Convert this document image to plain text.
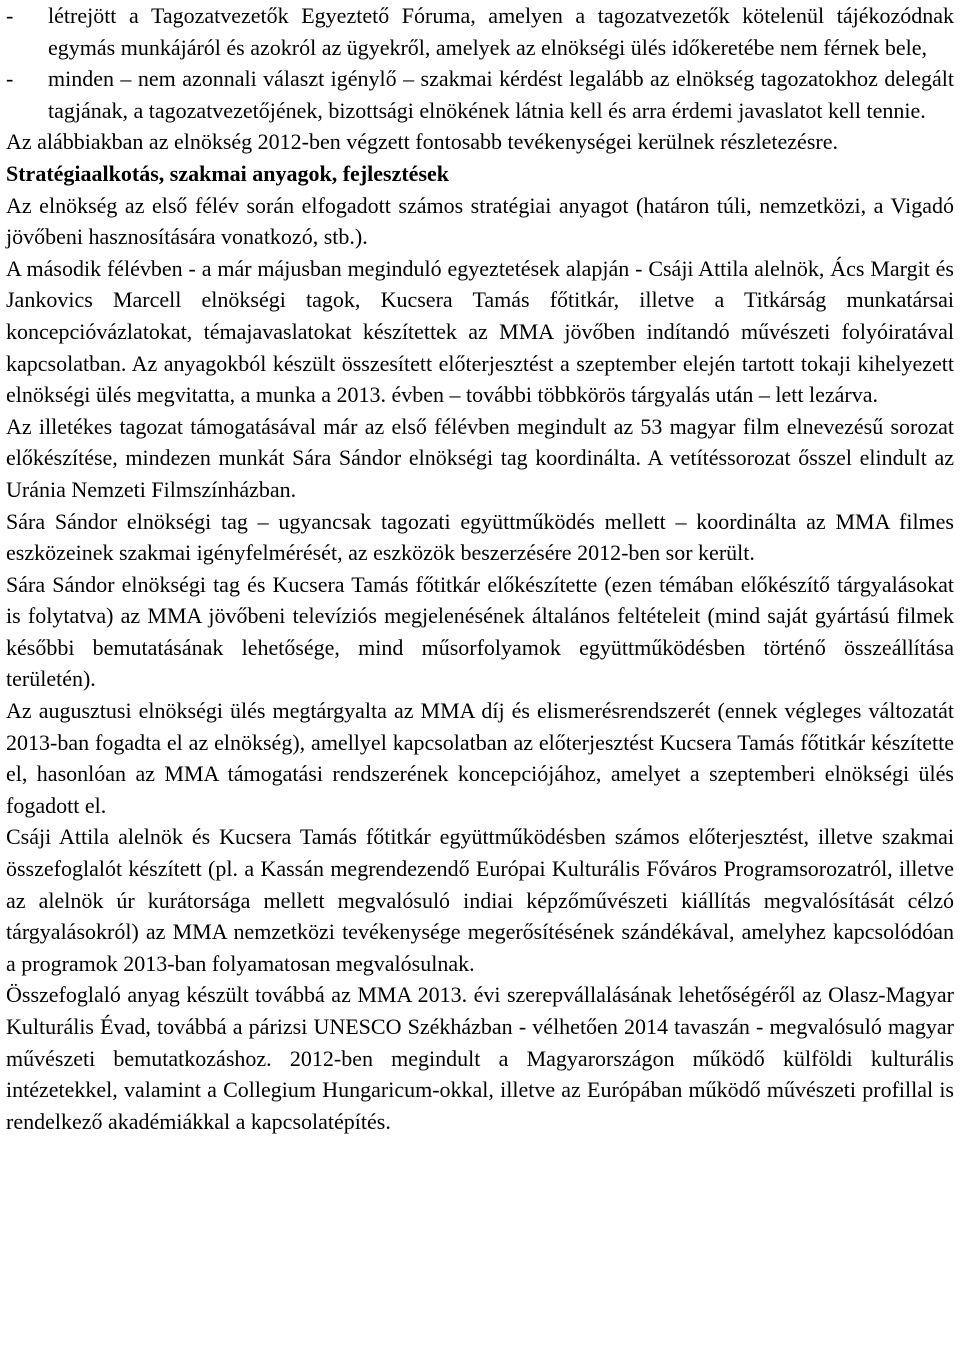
- létrejött a Tagozatvezetők Egyeztető Fóruma, amelyen a tagozatvezetők kötelenül tájékozódnak egymás munkájáról és azokról az ügyekről, amelyek az elnökségi ülés időkeretébe nem férnek bele,
- minden – nem azonnali választ igénylő – szakmai kérdést legalább az elnökség tagozatokhoz delegált tagjának, a tagozatvezetőjének, bizottsági elnökének látnia kell és arra érdemi javaslatot kell tennie.
Az alábbiakban az elnökség 2012-ben végzett fontosabb tevékenységei kerülnek részletezésre.
Stratégiaalkotás, szakmai anyagok, fejlesztések
Az elnökség az első félév során elfogadott számos stratégiai anyagot (határon túli, nemzetközi, a Vigadó jövőbeni hasznosítására vonatkozó, stb.).
A második félévben - a már májusban meginduló egyeztetések alapján - Csáji Attila alelnök, Ács Margit és Jankovics Marcell elnökségi tagok, Kucsera Tamás főtitkár, illetve a Titkárság munkatársai koncepcióvázlatokat, témajavaslatokat készítettek az MMA jövőben indítandó művészeti folyóiratával kapcsolatban. Az anyagokból készült összesített előterjesztést a szeptember elején tartott tokaji kihelyezett elnökségi ülés megvitatta, a munka a 2013. évben – további többkörös tárgyalás után – lett lezárva.
Az illetékes tagozat támogatásával már az első félévben megindult az 53 magyar film elnevezésű sorozat előkészítése, mindezen munkát Sára Sándor elnökségi tag koordinálta. A vetítéssorozat ősszel elindult az Uránia Nemzeti Filmszínházban.
Sára Sándor elnökségi tag – ugyancsak tagozati együttműködés mellett – koordinálta az MMA filmes eszközeinek szakmai igényfelmérését, az eszközök beszerzésére 2012-ben sor került.
Sára Sándor elnökségi tag és Kucsera Tamás főtitkár előkészítette (ezen témában előkészítő tárgyalásokat is folytatva) az MMA jövőbeni televíziós megjelenésének általános feltételeit (mind saját gyártású filmek későbbi bemutatásának lehetősége, mind műsorfolyamok együttműködésben történő összeállítása területén).
Az augusztusi elnökségi ülés megtárgyalta az MMA díj és elismerésrendszerét (ennek végleges változatát 2013-ban fogadta el az elnökség), amellyel kapcsolatban az előterjesztést Kucsera Tamás főtitkár készítette el, hasonlóan az MMA támogatási rendszerének koncepciójához, amelyet a szeptemberi elnökségi ülés fogadott el.
Csáji Attila alelnök és Kucsera Tamás főtitkár együttműködésben számos előterjesztést, illetve szakmai összefoglalót készített (pl. a Kassán megrendezendő Európai Kulturális Főváros Programsorozatról, illetve az alelnök úr kurátorsága mellett megvalósuló indiai képzőművészeti kiállítás megvalósítását célzó tárgyalásokról) az MMA nemzetközi tevékenysége megerősítésének szándékával, amelyhez kapcsolódóan a programok 2013-ban folyamatosan megvalósulnak.
Összefoglaló anyag készült továbbá az MMA 2013. évi szerepvállalásának lehetőségéről az Olasz-Magyar Kulturális Évad, továbbá a párizsi UNESCO Székházban - vélhetően 2014 tavaszán - megvalósuló magyar művészeti bemutatkozáshoz. 2012-ben megindult a Magyarországon működő külföldi kulturális intézetekkel, valamint a Collegium Hungaricum-okkal, illetve az Európában működő művészeti profillal is rendelkező akadémiákkal a kapcsolatépítés.
